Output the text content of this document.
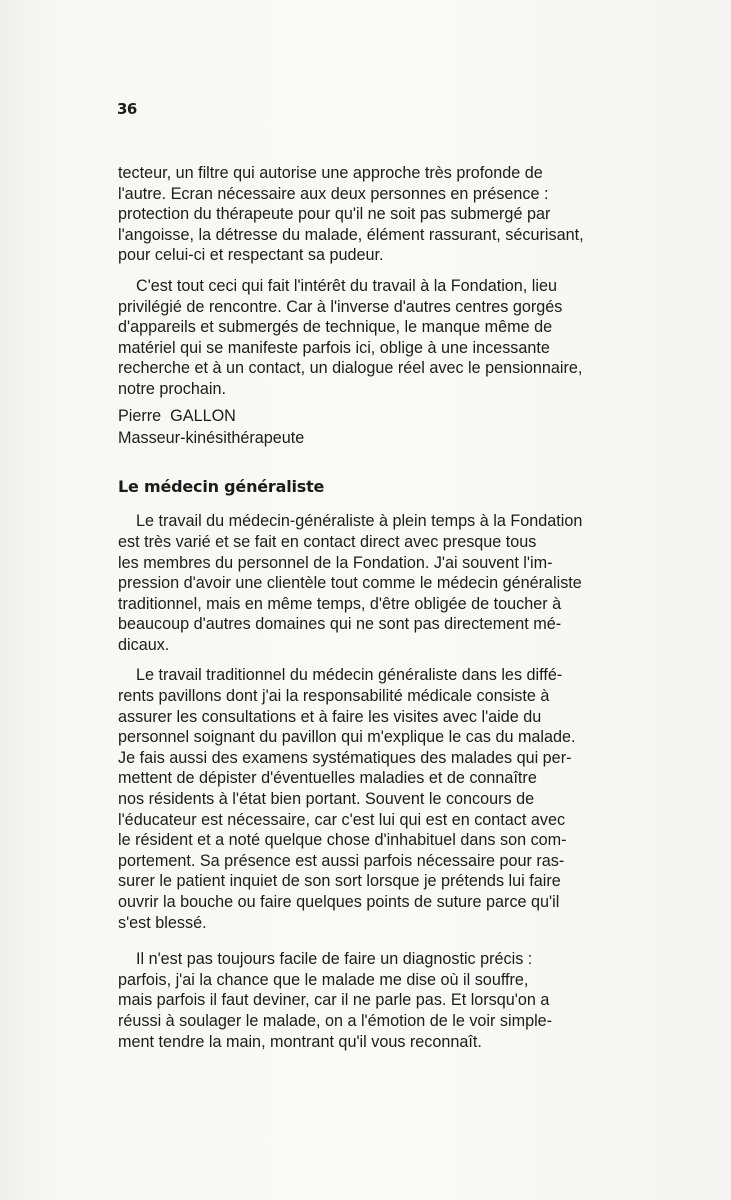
36

tecteur, un filtre qui autorise une approche très profonde de
l'autre. Ecran nécessaire aux deux personnes en présence :
protection du thérapeute pour qu'il ne soit pas submergé par
l'angoisse, la détresse du malade, élément rassurant, sécurisant,
pour celui-ci et respectant sa pudeur.

C'est tout ceci qui fait l'intérêt du travail à la Fondation, lieu
privilégié de rencontre. Car à l'inverse d'autres centres gorgés
d'appareils et submergés de technique, le manque même de
matériel qui se manifeste parfois ici, oblige à une incessante
recherche et à un contact, un dialogue réel avec le pensionnaire,
notre prochain.

Pierre  GALLON

Masseur-kinésithérapeute

Le médecin généraliste

Le travail du médecin-généraliste à plein temps à la Fondation
est très varié et se fait en contact direct avec presque tous
les membres du personnel de la Fondation. J'ai souvent l'im-
pression d'avoir une clientèle tout comme le médecin généraliste
traditionnel, mais en même temps, d'être obligée de toucher à
beaucoup d'autres domaines qui ne sont pas directement mé-
dicaux.

Le travail traditionnel du médecin généraliste dans les diffé-
rents pavillons dont j'ai la responsabilité médicale consiste à
assurer les consultations et à faire les visites avec l'aide du
personnel soignant du pavillon qui m'explique le cas du malade.
Je fais aussi des examens systématiques des malades qui per-
mettent de dépister d'éventuelles maladies et de connaître
nos résidents à l'état bien portant. Souvent le concours de
l'éducateur est nécessaire, car c'est lui qui est en contact avec
le résident et a noté quelque chose d'inhabituel dans son com-
portement. Sa présence est aussi parfois nécessaire pour ras-
surer le patient inquiet de son sort lorsque je prétends lui faire
ouvrir la bouche ou faire quelques points de suture parce qu'il
s'est blessé.

Il n'est pas toujours facile de faire un diagnostic précis :
parfois, j'ai la chance que le malade me dise où il souffre,
mais parfois il faut deviner, car il ne parle pas. Et lorsqu'on a
réussi à soulager le malade, on a l'émotion de le voir simple-
ment tendre la main, montrant qu'il vous reconnaît.
